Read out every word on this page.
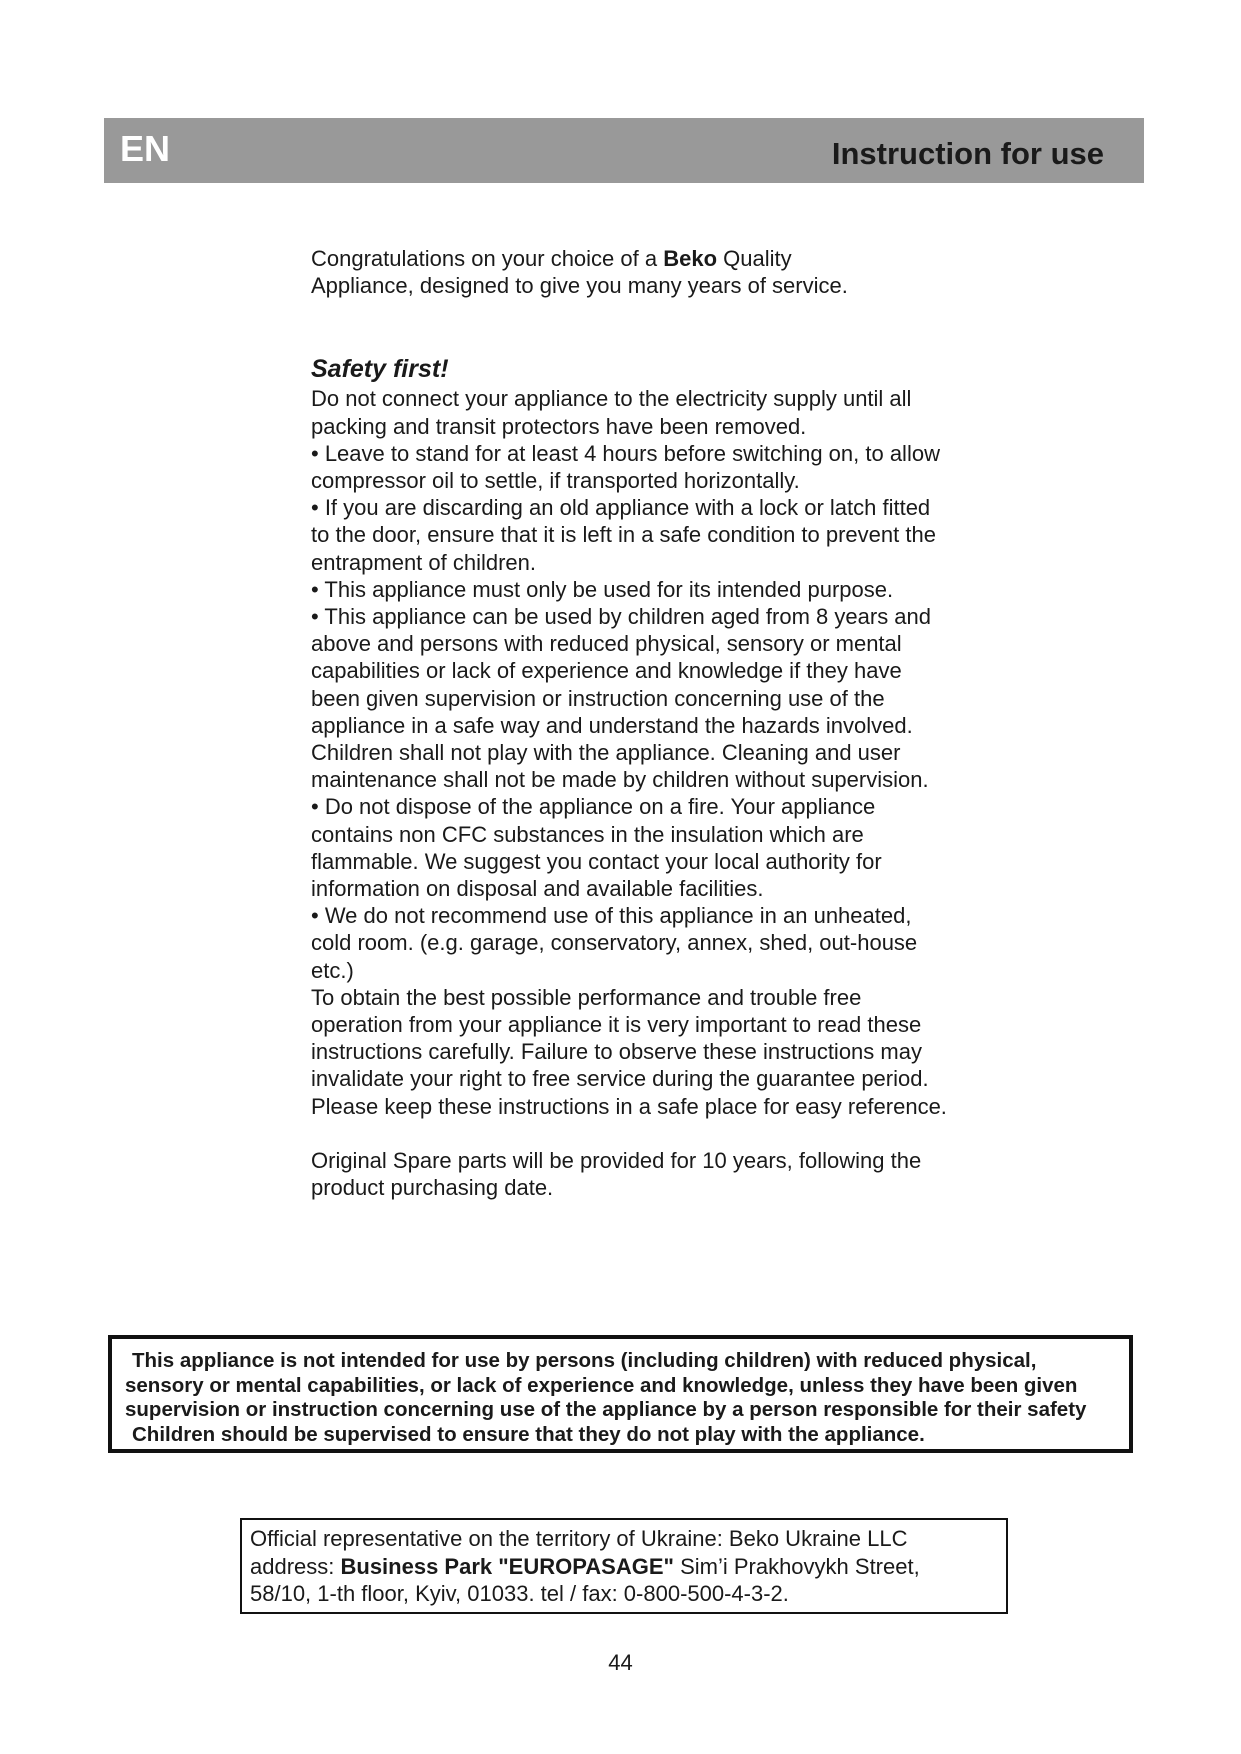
EN	Instruction for use

Congratulations on your choice of a Beko Quality
Appliance, designed to give you many years of service.

Safety first!

Do not connect your appliance to the electricity supply until all packing and transit protectors have been removed.

• Leave to stand for at least 4 hours before switching on, to allow compressor oil to settle, if transported horizontally.

• If you are discarding an old appliance with a lock or latch fitted to the door, ensure that it is left in a safe condition to prevent the entrapment of children.

• This appliance must only be used for its intended purpose.

• This appliance can be used by children aged from 8 years and above and persons with reduced physical, sensory or mental capabilities or lack of experience and knowledge if they have been given supervision or instruction concerning use of the appliance in a safe way and understand the hazards involved. Children shall not play with the appliance. Cleaning and user maintenance shall not be made by children without supervision.

• Do not dispose of the appliance on a fire. Your appliance contains non CFC substances in the insulation which are flammable. We suggest you contact your local authority for information on disposal and available facilities.

• We do not recommend use of this appliance in an unheated, cold room. (e.g. garage, conservatory, annex, shed, out-house etc.)

To obtain the best possible performance and trouble free operation from your appliance it is very important to read these instructions carefully. Failure to observe these instructions may invalidate your right to free service during the guarantee period.

Please keep these instructions in a safe place for easy reference.

Original Spare parts will be provided for 10 years, following the product purchasing date.

This appliance is not intended for use by persons (including children) with reduced physical,
sensory or mental capabilities, or lack of experience and knowledge, unless they have been given
supervision or instruction concerning use of the appliance by a person responsible for their safety
Children should be supervised to ensure that they do not play with the appliance.

Official representative on the territory of Ukraine: Beko Ukraine LLC

address: Business Park "EUROPASAGE" Sim’i Prakhovykh Street,

58/10, 1-th floor, Kyiv, 01033. tel / fax: 0-800-500-4-3-2.

44
